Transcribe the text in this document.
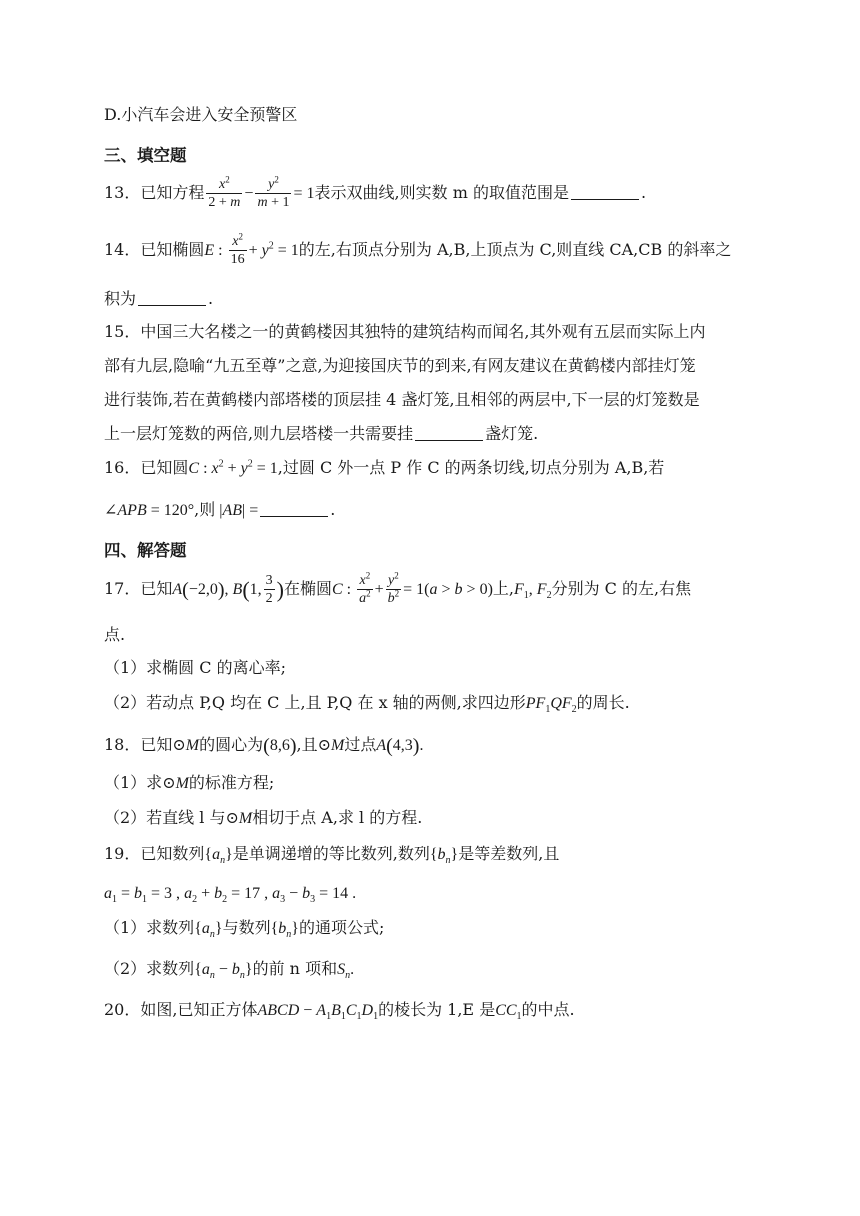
D.小汽车会进入安全预警区
三、填空题
13．已知方程 $\frac{x^2}{2 + m} - \frac{y^2}{m + 1} = 1$表示双曲线,则实数 m 的取值范围是	.
14．已知椭圆E : $\frac{x^2}{16} + y^2 = 1$的左,右顶点分别为 A,B,上顶点为 C,则直线 CA,CB 的斜率之
积为	.
15．中国三大名楼之一的黄鹤楼因其独特的建筑结构而闻名,其外观有五层而实际上内
部有九层,隐喻“九五至尊”之意,为迎接国庆节的到来,有网友建议在黄鹤楼内部挂灯笼
进行装饰,若在黄鹤楼内部塔楼的顶层挂 4 盏灯笼,且相邻的两层中,下一层的灯笼数是
上一层灯笼数的两倍,则九层塔楼一共需要挂	盏灯笼.
16．已知圆C : $x^2 + y^2 = 1$,过圆 C 外一点 P 作 C 的两条切线,切点分别为 A,B,若
∠APB = 120°,则 |AB| =	.
四、解答题
17．已知A(−2,0), B(1, $\frac{3}{2}$ )在椭圆C : $\frac{x^2}{a^2} + \frac{y^2}{b^2} = 1(a > b > 0)$上$,F_1$, $F_2$分别为 C 的左,右焦
点.
（1）求椭圆 C 的离心率;
（2）若动点 P,Q 均在 C 上,且 P,Q 在 x 轴的两侧,求四边形$PF_1QF_2$的周长.
18．已知⊙M的圆心为(8,6),且⊙M过点A(4,3).
（1）求⊙M的标准方程;
（2）若直线 l 与⊙M相切于点 A,求 l 的方程.
19．已知数列$\{a_n\}$是单调递增的等比数列,数列$\{b_n\}$是等差数列,且
$a_1 = b_1 = 3$ , $a_2 + b_2 = 17$ , $a_3 - b_3 = 14$ .
（1）求数列$\{a_n\}$与数列$\{b_n\}$的通项公式;
（2）求数列$\{a_n - b_n\}$的前 n 项和$S_n$.
20．如图,已知正方体ABCD − $A_1B_1C_1D_1$的棱长为 1,E 是$CC_1$的中点.
